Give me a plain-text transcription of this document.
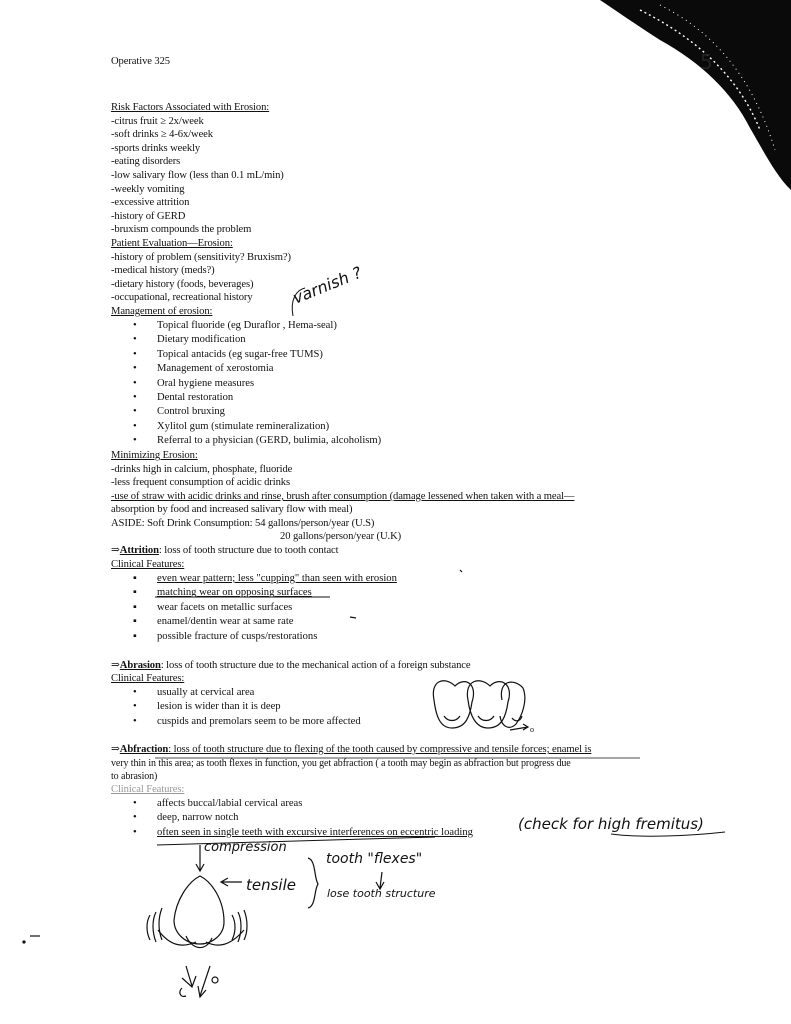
5
Operative 325
Risk Factors Associated with Erosion:
-citrus fruit ≥ 2x/week
-soft drinks ≥ 4-6x/week
-sports drinks weekly
-eating disorders
-low salivary flow (less than 0.1 mL/min)
-weekly vomiting
-excessive attrition
-history of GERD
-bruxism compounds the problem
Patient Evaluation—Erosion:
-history of problem (sensitivity? Bruxism?)
-medical history (meds?)
-dietary history (foods, beverages)
-occupational, recreational history
Management of erosion:
• Topical fluoride (eg Duraflor , Hema-seal)
• Dietary modification
• Topical antacids (eg sugar-free TUMS)
• Management of xerostomia
• Oral hygiene measures
• Dental restoration
• Control bruxing
• Xylitol gum (stimulate remineralization)
• Referral to a physician (GERD, bulimia, alcoholism)
varnish ?
Minimizing Erosion:
-drinks high in calcium, phosphate, fluoride
-less frequent consumption of acidic drinks
-use of straw with acidic drinks and rinse, brush after consumption (damage lessened when taken with a meal—
absorption by food and increased salivary flow with meal)
ASIDE: Soft Drink Consumption: 54 gallons/person/year (U.S)
20 gallons/person/year (U.K)
⇒Attrition: loss of tooth structure due to tooth contact
Clinical Features:
▪ even wear pattern; less "cupping" than seen with erosion
▪ matching wear on opposing surfaces
▪ wear facets on metallic surfaces
▪ enamel/dentin wear at same rate
▪ possible fracture of cusps/restorations
⇒Abrasion: loss of tooth structure due to the mechanical action of a foreign substance
Clinical Features:
• usually at cervical area
• lesion is wider than it is deep
• cuspids and premolars seem to be more affected
⇒Abfraction: loss of tooth structure due to flexing of the tooth caused by compressive and tensile forces; enamel is
very thin in this area; as tooth flexes in function, you get abfraction ( a tooth may begin as abfraction but progress due
to abrasion)
Clinical Features:
• affects buccal/labial cervical areas
• deep, narrow notch
• often seen in single teeth with excursive interferences on eccentric loading	(check for high fremitus)
compression
tensile
tooth "flexes"
lose tooth structure
o
